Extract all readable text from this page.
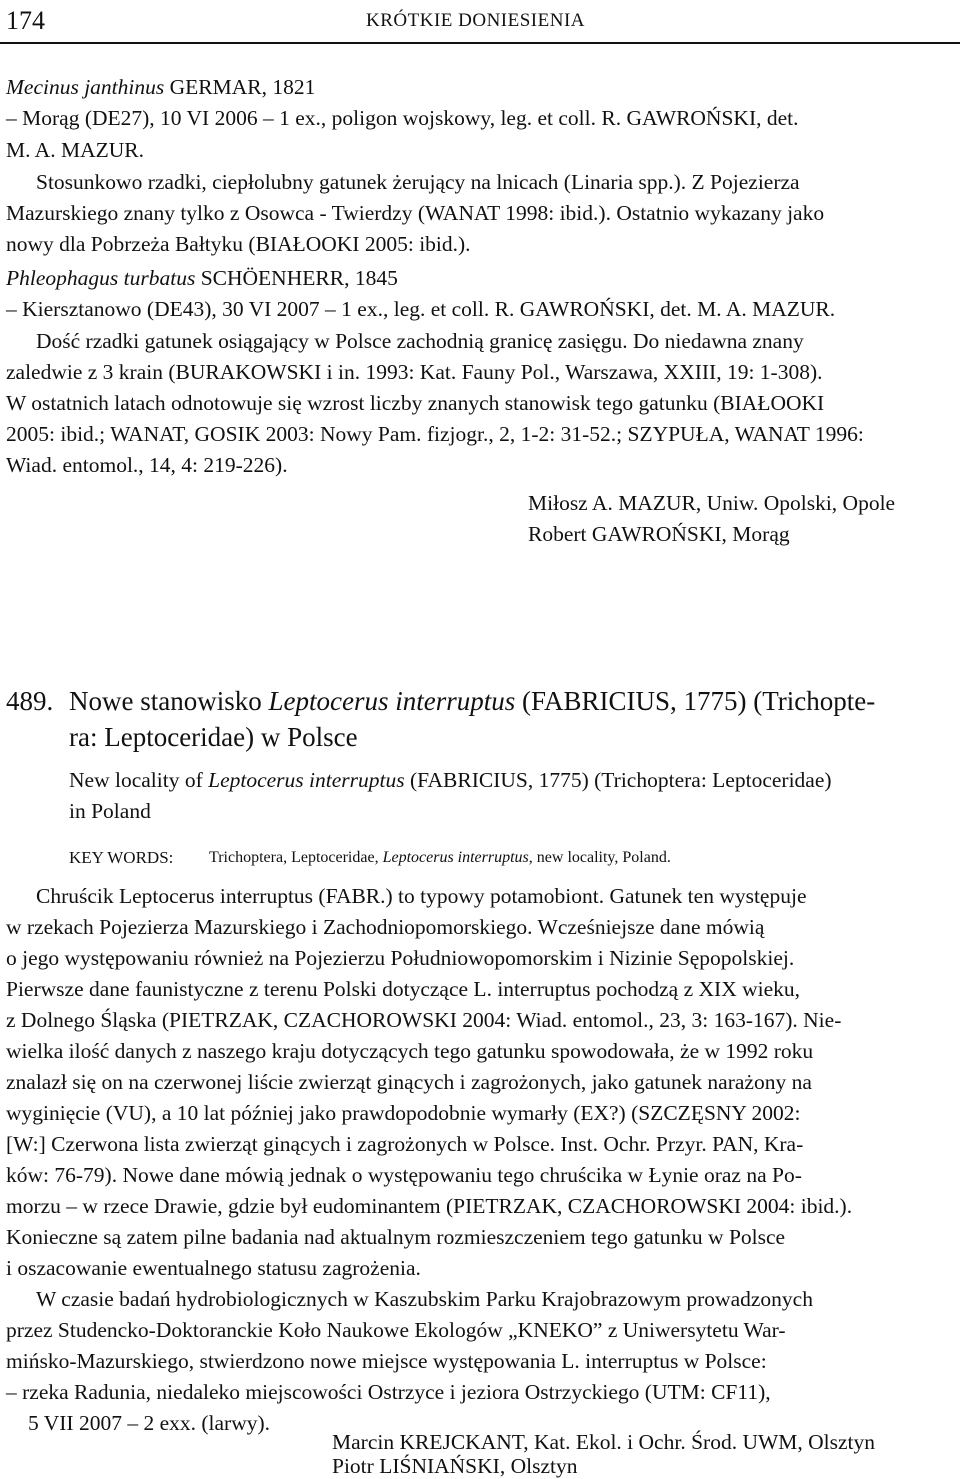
174	KRÓTKIE DONIESIENIA
Mecinus janthinus GERMAR, 1821
– Morąg (DE27), 10 VI 2006 – 1 ex., poligon wojskowy, leg. et coll. R. GAWROŃSKI, det.
M. A. MAZUR.
Stosunkowo rzadki, ciepłolubny gatunek żerujący na lnicach (Linaria spp.). Z Pojezierza
Mazurskiego znany tylko z Osowca - Twierdzy (WANAT 1998: ibid.). Ostatnio wykazany jako
nowy dla Pobrzeża Bałtyku (BIAŁOOKI 2005: ibid.).
Phleophagus turbatus SCHÖENHERR, 1845
– Kiersztanowo (DE43), 30 VI 2007 – 1 ex., leg. et coll. R. GAWROŃSKI, det. M. A. MAZUR.
Dość rzadki gatunek osiągający w Polsce zachodnią granicę zasięgu. Do niedawna znany
zaledwie z 3 krain (BURAKOWSKI i in. 1993: Kat. Fauny Pol., Warszawa, XXIII, 19: 1-308).
W ostatnich latach odnotowuje się wzrost liczby znanych stanowisk tego gatunku (BIAŁOOKI
2005: ibid.; WANAT, GOSIK 2003: Nowy Pam. fizjogr., 2, 1-2: 31-52.; SZYPUŁA, WANAT 1996:
Wiad. entomol., 14, 4: 219-226).
Miłosz A. MAZUR, Uniw. Opolski, Opole
Robert GAWROŃSKI, Morąg
489. Nowe stanowisko Leptocerus interruptus (FABRICIUS, 1775) (Trichopte-
ra: Leptoceridae) w Polsce
New locality of Leptocerus interruptus (FABRICIUS, 1775) (Trichoptera: Leptoceridae)
in Poland
KEY WORDS: Trichoptera, Leptoceridae, Leptocerus interruptus, new locality, Poland.
Chruścik Leptocerus interruptus (FABR.) to typowy potamobiont. Gatunek ten występuje
w rzekach Pojezierza Mazurskiego i Zachodniopomorskiego. Wcześniejsze dane mówią
o jego występowaniu również na Pojezierzu Południowopomorskim i Nizinie Sępopolskiej.
Pierwsze dane faunistyczne z terenu Polski dotyczące L. interruptus pochodzą z XIX wieku,
z Dolnego Śląska (PIETRZAK, CZACHOROWSKI 2004: Wiad. entomol., 23, 3: 163-167). Nie-
wielka ilość danych z naszego kraju dotyczących tego gatunku spowodowała, że w 1992 roku
znalazł się on na czerwonej liście zwierząt ginących i zagrożonych, jako gatunek narażony na
wyginięcie (VU), a 10 lat później jako prawdopodobnie wymarły (EX?) (SZCZĘSNY 2002:
[W:] Czerwona lista zwierząt ginących i zagrożonych w Polsce. Inst. Ochr. Przyr. PAN, Kra-
ków: 76-79). Nowe dane mówią jednak o występowaniu tego chruścika w Łynie oraz na Po-
morzu – w rzece Drawie, gdzie był eudominantem (PIETRZAK, CZACHOROWSKI 2004: ibid.).
Konieczne są zatem pilne badania nad aktualnym rozmieszczeniem tego gatunku w Polsce
i oszacowanie ewentualnego statusu zagrożenia.
W czasie badań hydrobiologicznych w Kaszubskim Parku Krajobrazowym prowadzonych
przez Studencko-Doktoranckie Koło Naukowe Ekologów „KNEKO” z Uniwersytetu War-
mińsko-Mazurskiego, stwierdzono nowe miejsce występowania L. interruptus w Polsce:
– rzeka Radunia, niedaleko miejscowości Ostrzyce i jeziora Ostrzyckiego (UTM: CF11),
5 VII 2007 – 2 exx. (larwy).
Marcin KREJCKANT, Kat. Ekol. i Ochr. Środ. UWM, Olsztyn
Piotr LIŚNIAŃSKI, Olsztyn
